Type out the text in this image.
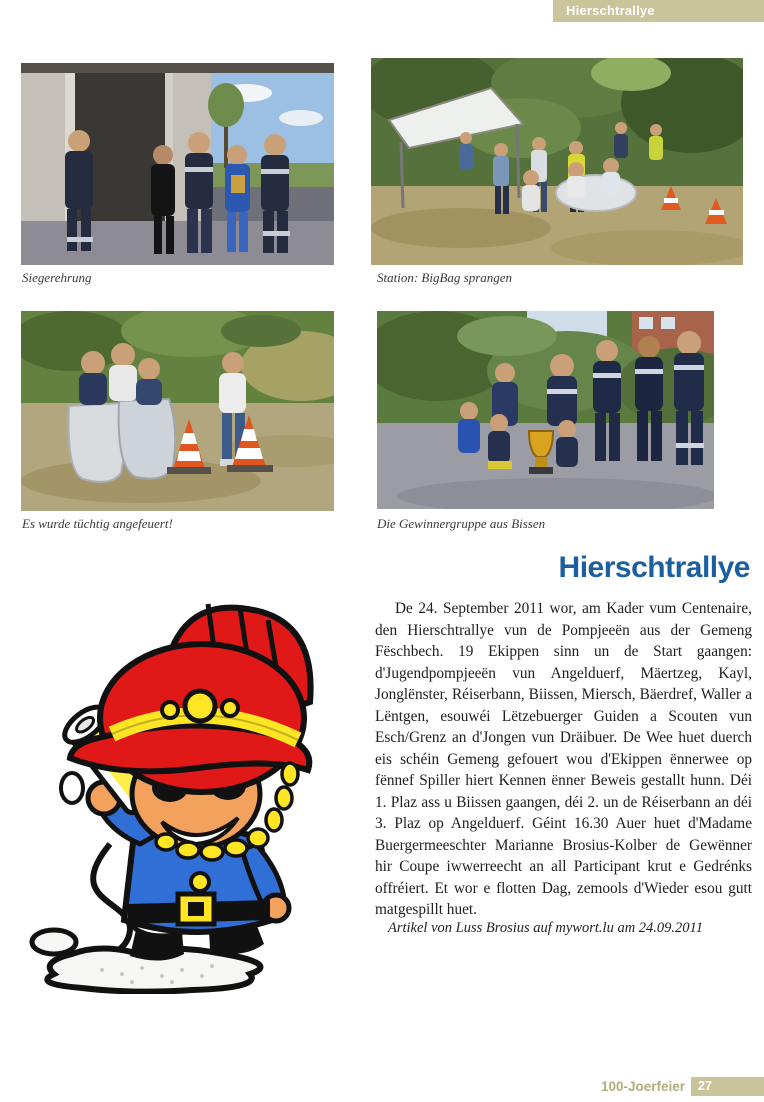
Hierschtrallye
Siegerehrung	Station: BigBag sprangen
Es wurde tüchtig angefeuert!	Die Gewinnergruppe aus Bissen
Hierschtrallye
De 24. September 2011 wor, am Kader vum Centenaire, den Hierschtrallye vun de Pompjeeën aus der Gemeng Fëschbech. 19 Ekippen sinn un de Start gaangen: d'Jugendpompjeeën vun Angelduerf, Mäertzeg, Kayl, Jonglënster, Réiserbann, Biissen, Miersch, Bäerdref, Waller a Lëntgen, esouwéi Lëtzebuerger Guiden a Scouten vun Esch/Grenz an d'Jongen vun Dräibuer. De Wee huet duerch eis schéin Gemeng gefouert wou d'Ekippen ënnerwee op fënnef Spiller hiert Kennen ënner Beweis gestallt hunn. Déi 1. Plaz ass u Biissen gaangen, déi 2. un de Réiserbann an déi 3. Plaz op Angelduerf. Géint 16.30 Auer huet d'Madame Buergermeeschter Marianne Brosius-Kolber de Gewënner hir Coupe iwwerreecht an all Participant krut e Gedrénks offréiert. Et wor e flotten Dag, zemools d'Wieder esou gutt matgespillt huet.
Artikel von Luss Brosius auf mywort.lu am 24.09.2011
100-Joerfeier	27
